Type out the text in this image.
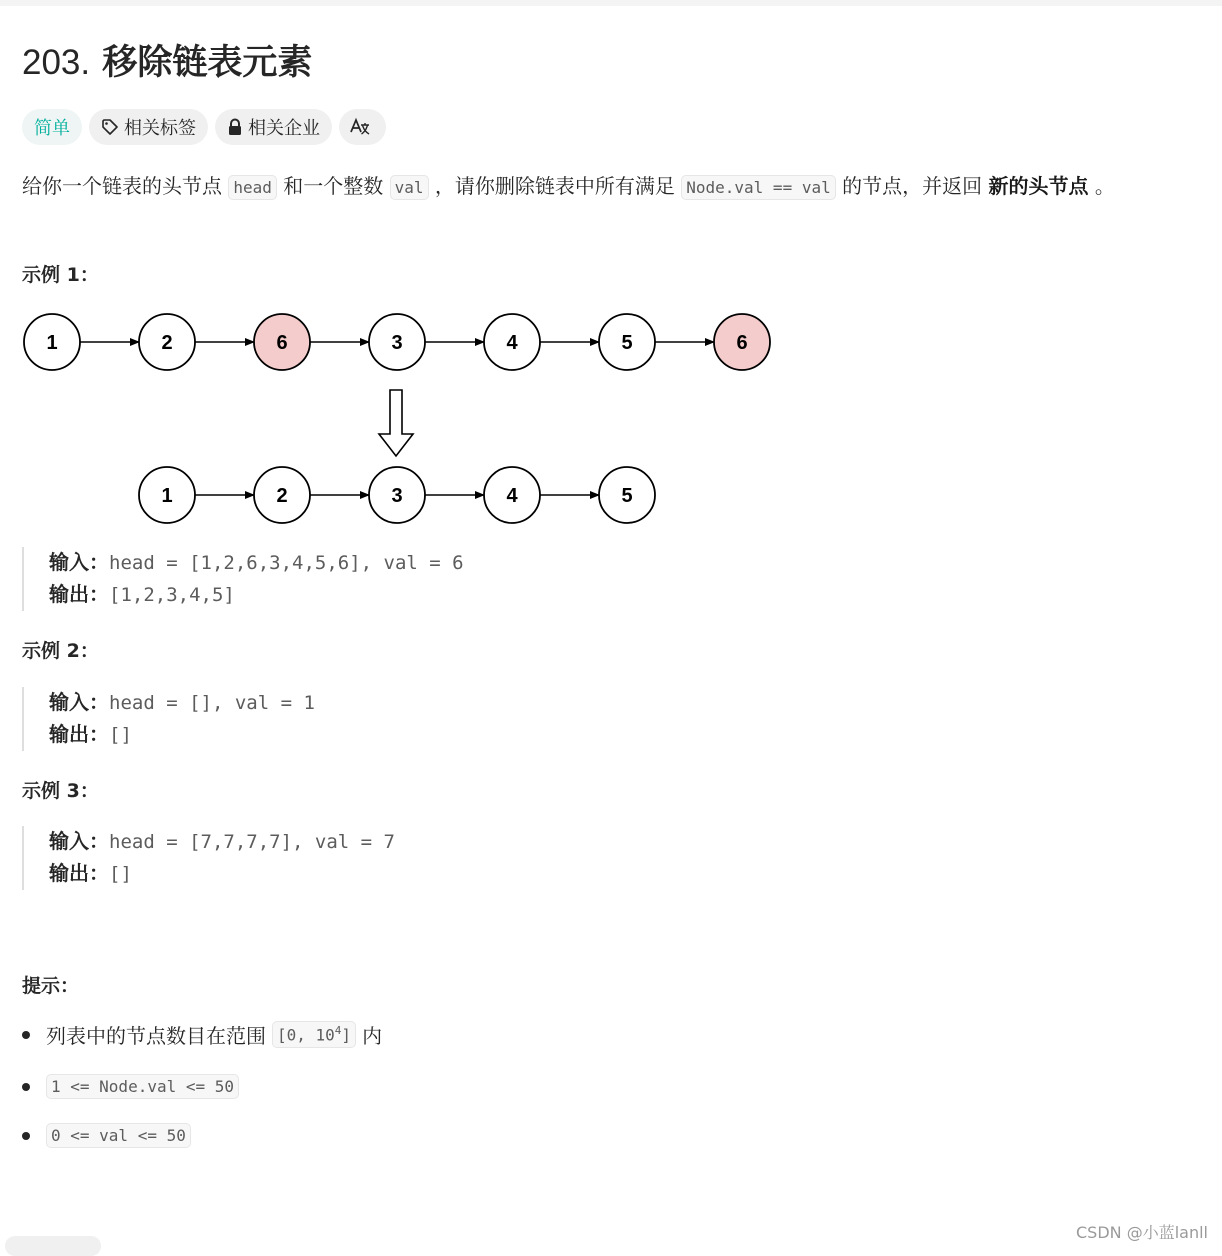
203. 移除链表元素
简单	相关标签	相关企业
给你一个链表的头节点 head 和一个整数 val ，请你删除链表中所有满足 Node.val == val 的节点，并返回 新的头节点 。
示例 1：
1	2	6	3	4	5	6
1	2	3	4	5
输入：head = [1,2,6,3,4,5,6], val = 6
输出：[1,2,3,4,5]
示例 2：
输入：head = [], val = 1
输出：[]
示例 3：
输入：head = [7,7,7,7], val = 7
输出：[]
提示：
列表中的节点数目在范围 [0, $10^4$] 内
1 <= Node.val <= 50
0 <= val <= 50
CSDN @小蓝lanll
